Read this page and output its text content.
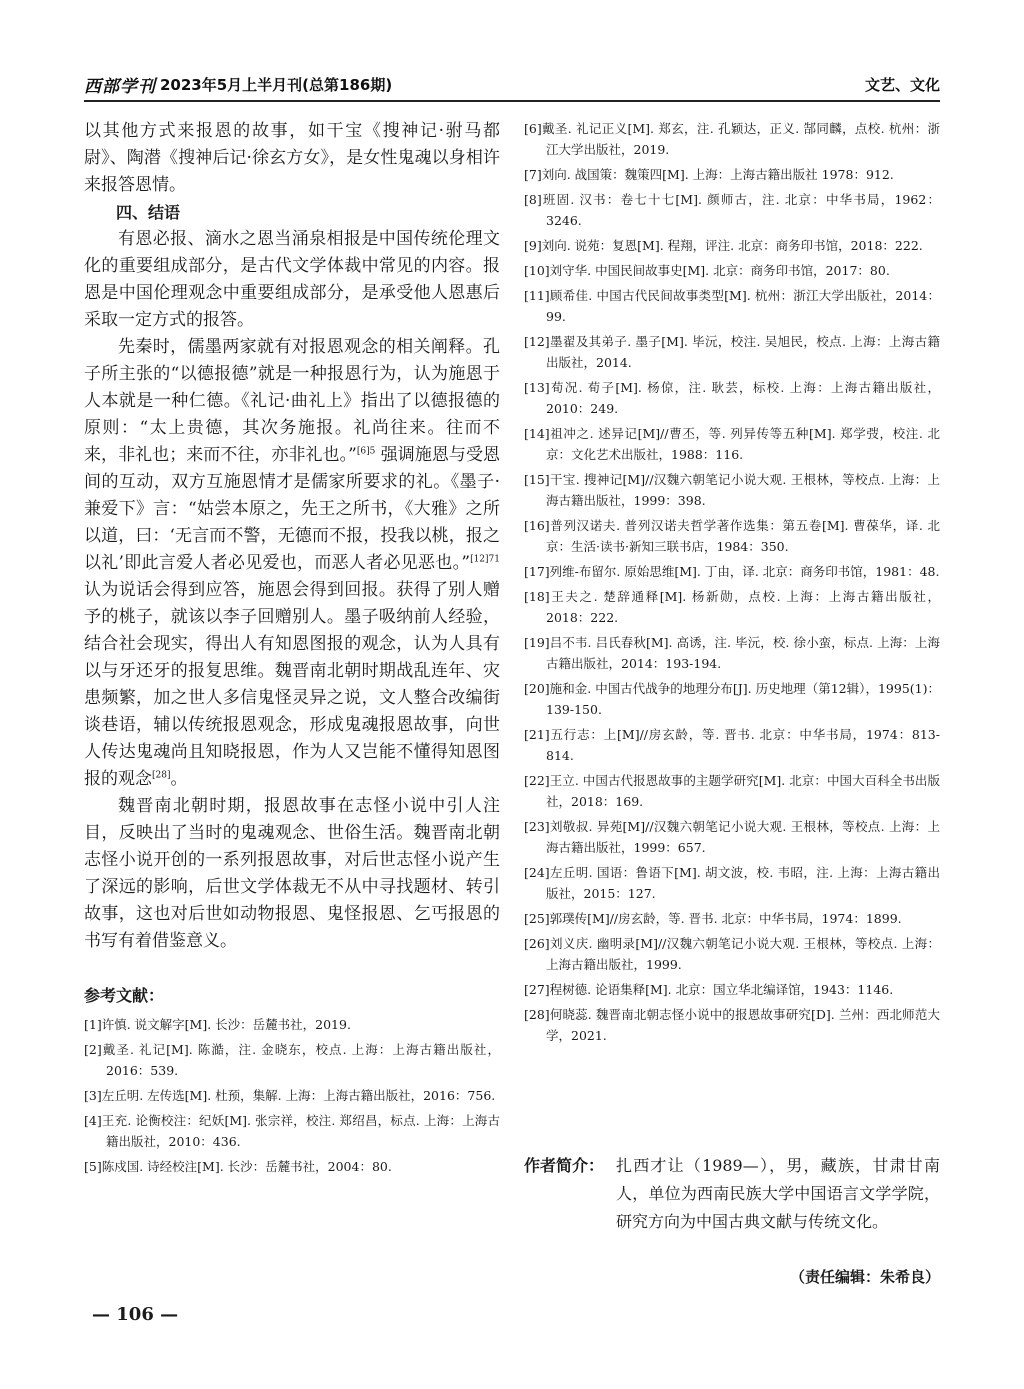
西部学刊 2023年5月上半月刊(总第186期)	文艺、文化

以其他方式来报恩的故事，如干宝《搜神记·驸马都尉》、陶潜《搜神后记·徐玄方女》，是女性鬼魂以身相许来报答恩情。

四、结语

有恩必报、滴水之恩当涌泉相报是中国传统伦理文化的重要组成部分，是古代文学体裁中常见的内容。报恩是中国伦理观念中重要组成部分，是承受他人恩惠后采取一定方式的报答。

先秦时，儒墨两家就有对报恩观念的相关阐释。孔子所主张的“以德报德”就是一种报恩行为，认为施恩于人本就是一种仁德。《礼记·曲礼上》指出了以德报德的原则：“太上贵德，其次务施报。礼尚往来。往而不来，非礼也；来而不往，亦非礼也。”$^{[6]5}$ 强调施恩与受恩间的互动，双方互施恩情才是儒家所要求的礼。《墨子·兼爱下》言：“姑尝本原之，先王之所书，《大雅》之所以道，曰：‘无言而不警，无德而不报，投我以桃，报之以礼’即此言爱人者必见爱也，而恶人者必见恶也。”$^{[12]71}$ 认为说话会得到应答，施恩会得到回报。获得了别人赠予的桃子，就该以李子回赠别人。墨子吸纳前人经验，结合社会现实，得出人有知恩图报的观念，认为人具有以与牙还牙的报复思维。魏晋南北朝时期战乱连年、灾患频繁，加之世人多信鬼怪灵异之说，文人整合改编街谈巷语，辅以传统报恩观念，形成鬼魂报恩故事，向世人传达鬼魂尚且知晓报恩，作为人又岂能不懂得知恩图报的观念[28]。

魏晋南北朝时期，报恩故事在志怪小说中引人注目，反映出了当时的鬼魂观念、世俗生活。魏晋南北朝志怪小说开创的一系列报恩故事，对后世志怪小说产生了深远的影响，后世文学体裁无不从中寻找题材、转引故事，这也对后世如动物报恩、鬼怪报恩、乞丐报恩的书写有着借鉴意义。

参考文献：

[1]许慎. 说文解字[M]. 长沙：岳麓书社，2019.

[2]戴圣. 礼记[M]. 陈澔，注. 金晓东，校点. 上海：上海古籍出版社，2016：539.

[3]左丘明. 左传选[M]. 杜预，集解. 上海：上海古籍出版社，2016：756.

[4]王充. 论衡校注：纪妖[M]. 张宗祥，校注. 郑绍昌，标点. 上海：上海古籍出版社，2010：436.

[5]陈戍国. 诗经校注[M]. 长沙：岳麓书社，2004：80.

[6]戴圣. 礼记正义[M]. 郑玄，注. 孔颖达，正义. 郜同麟，点校. 杭州：浙江大学出版社，2019.

[7]刘向. 战国策：魏策四[M]. 上海：上海古籍出版社 1978：912.

[8]班固. 汉书：卷七十七[M]. 颜师古，注. 北京：中华书局，1962：3246.

[9]刘向. 说苑：复恩[M]. 程翔，评注. 北京：商务印书馆，2018：222.

[10]刘守华. 中国民间故事史[M]. 北京：商务印书馆，2017：80.

[11]顾希佳. 中国古代民间故事类型[M]. 杭州：浙江大学出版社，2014：99.

[12]墨翟及其弟子. 墨子[M]. 毕沅，校注. 吴旭民，校点. 上海：上海古籍出版社，2014.

[13]荀况. 荀子[M]. 杨倞，注. 耿芸，标校. 上海：上海古籍出版社，2010：249.

[14]祖冲之. 述异记[M]//曹丕，等. 列异传等五种[M]. 郑学弢，校注. 北京：文化艺术出版社，1988：116.

[15]干宝. 搜神记[M]//汉魏六朝笔记小说大观. 王根林，等校点. 上海：上海古籍出版社，1999：398.

[16]普列汉诺夫. 普列汉诺夫哲学著作选集：第五卷[M]. 曹葆华，译. 北京：生活·读书·新知三联书店，1984：350.

[17]列维-布留尔. 原始思维[M]. 丁由，译. 北京：商务印书馆，1981：48.

[18]王夫之. 楚辞通释[M]. 杨新勋，点校. 上海：上海古籍出版社，2018：222.

[19]吕不韦. 吕氏春秋[M]. 高诱，注. 毕沅，校. 徐小蛮，标点. 上海：上海古籍出版社，2014：193-194.

[20]施和金. 中国古代战争的地理分布[J]. 历史地理（第12辑），1995(1)：139-150.

[21]五行志：上[M]//房玄龄，等. 晋书. 北京：中华书局，1974：813-814.

[22]王立. 中国古代报恩故事的主题学研究[M]. 北京：中国大百科全书出版社，2018：169.

[23]刘敬叔. 异苑[M]//汉魏六朝笔记小说大观. 王根林，等校点. 上海：上海古籍出版社，1999：657.

[24]左丘明. 国语：鲁语下[M]. 胡文波，校. 韦昭，注. 上海：上海古籍出版社，2015：127.

[25]郭璞传[M]//房玄龄，等. 晋书. 北京：中华书局，1974：1899.

[26]刘义庆. 幽明录[M]//汉魏六朝笔记小说大观. 王根林，等校点. 上海：上海古籍出版社，1999.

[27]程树德. 论语集释[M]. 北京：国立华北编译馆，1943：1146.

[28]何晓蕊. 魏晋南北朝志怪小说中的报恩故事研究[D]. 兰州：西北师范大学，2021.

作者简介： 扎西才让（1989—），男，藏族，甘肃甘南人，单位为西南民族大学中国语言文学学院，研究方向为中国古典文献与传统文化。
（责任编辑：朱希良）
— 106 —
